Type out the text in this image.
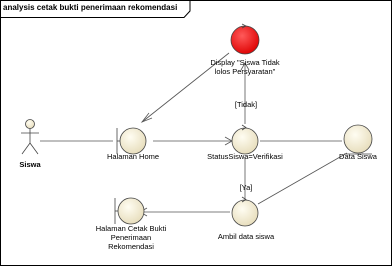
analysis cetak bukti penerimaan rekomendasi
Display "Siswa Tidak
lolos Persyaratan"
[Tidak]
Siswa
Halaman Home	StatusSiswa=Verifikasi	Data Siswa
[Ya]
Ambil data siswa
Halaman Cetak Bukti
Penerimaan
Rekomendasi
